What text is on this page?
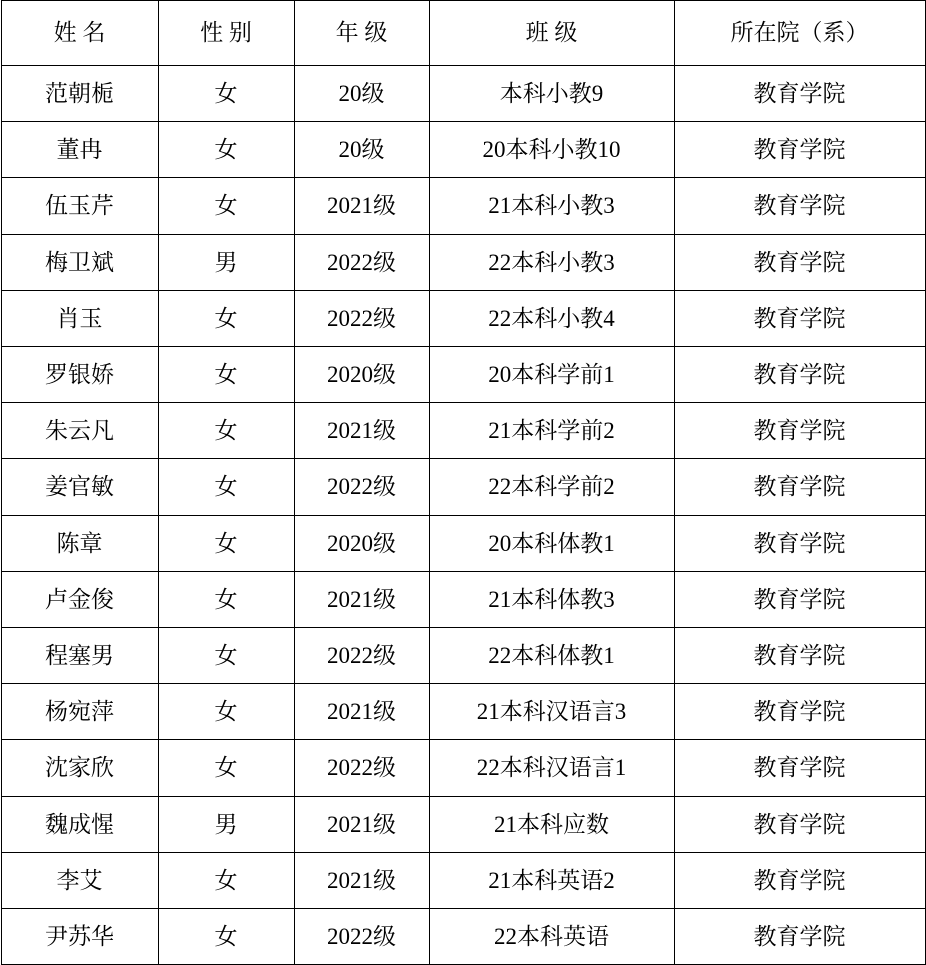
姓 名	性 别	年 级	班 级	所在院（系）
范朝栀	女	20级	本科小教9	教育学院
董冉	女	20级	20本科小教10	教育学院
伍玉芹	女	2021级	21本科小教3	教育学院
梅卫斌	男	2022级	22本科小教3	教育学院
肖玉	女	2022级	22本科小教4	教育学院
罗银娇	女	2020级	20本科学前1	教育学院
朱云凡	女	2021级	21本科学前2	教育学院
姜官敏	女	2022级	22本科学前2	教育学院
陈章	女	2020级	20本科体教1	教育学院
卢金俊	女	2021级	21本科体教3	教育学院
程塞男	女	2022级	22本科体教1	教育学院
杨宛萍	女	2021级	21本科汉语言3	教育学院
沈家欣	女	2022级	22本科汉语言1	教育学院
魏成惺	男	2021级	21本科应数	教育学院
李艾	女	2021级	21本科英语2	教育学院
尹苏华	女	2022级	22本科英语	教育学院
